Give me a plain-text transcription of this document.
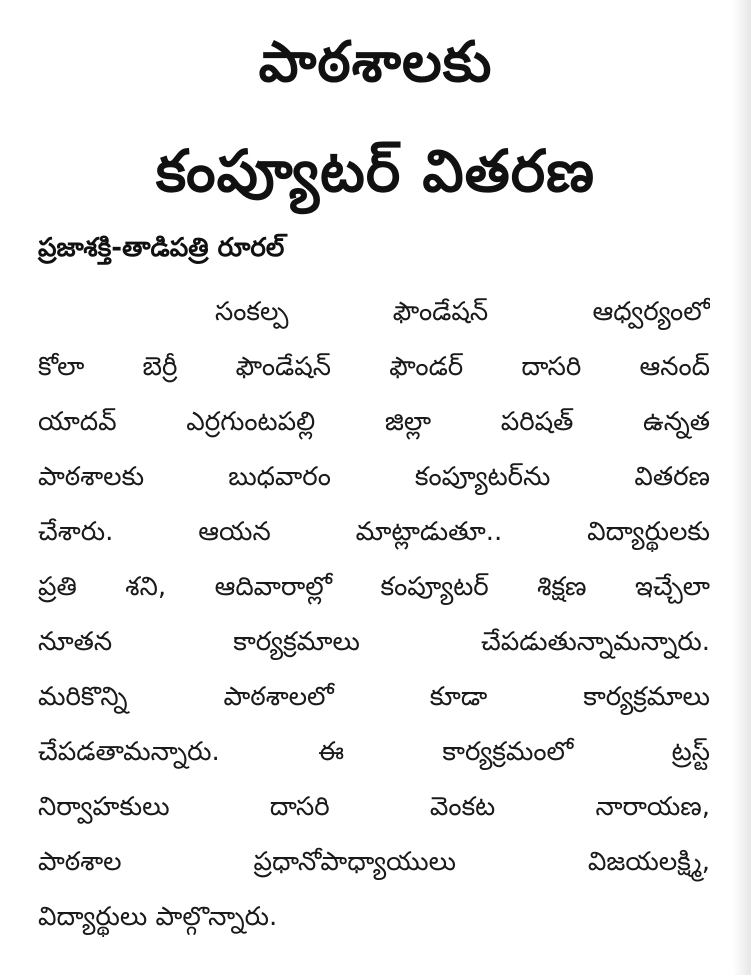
పాఠశాలకు
కంప్యూటర్ వితరణ
ప్రజాశక్తి-తాడిపత్రి రూరల్
సంకల్ప ఫౌండేషన్ ఆధ్వర్యంలో
కోలా బెర్రీ ఫౌండేషన్ ఫౌండర్ దాసరి ఆనంద్
యాదవ్ ఎర్రగుంటపల్లి జిల్లా పరిషత్ ఉన్నత
పాఠశాలకు బుధవారం కంప్యూటర్‌ను వితరణ
చేశారు. ఆయన మాట్లాడుతూ.. విద్యార్థులకు
ప్రతి శని, ఆదివారాల్లో కంప్యూటర్ శిక్షణ ఇచ్చేలా
నూతన కార్యక్రమాలు చేపడుతున్నామన్నారు.
మరికొన్ని పాఠశాలలో కూడా కార్యక్రమాలు
చేపడతామన్నారు. ఈ కార్యక్రమంలో ట్రస్ట్
నిర్వాహకులు దాసరి వెంకట నారాయణ,
పాఠశాల ప్రధానోపాధ్యాయులు విజయలక్ష్మి,
విద్యార్థులు పాల్గొన్నారు.
